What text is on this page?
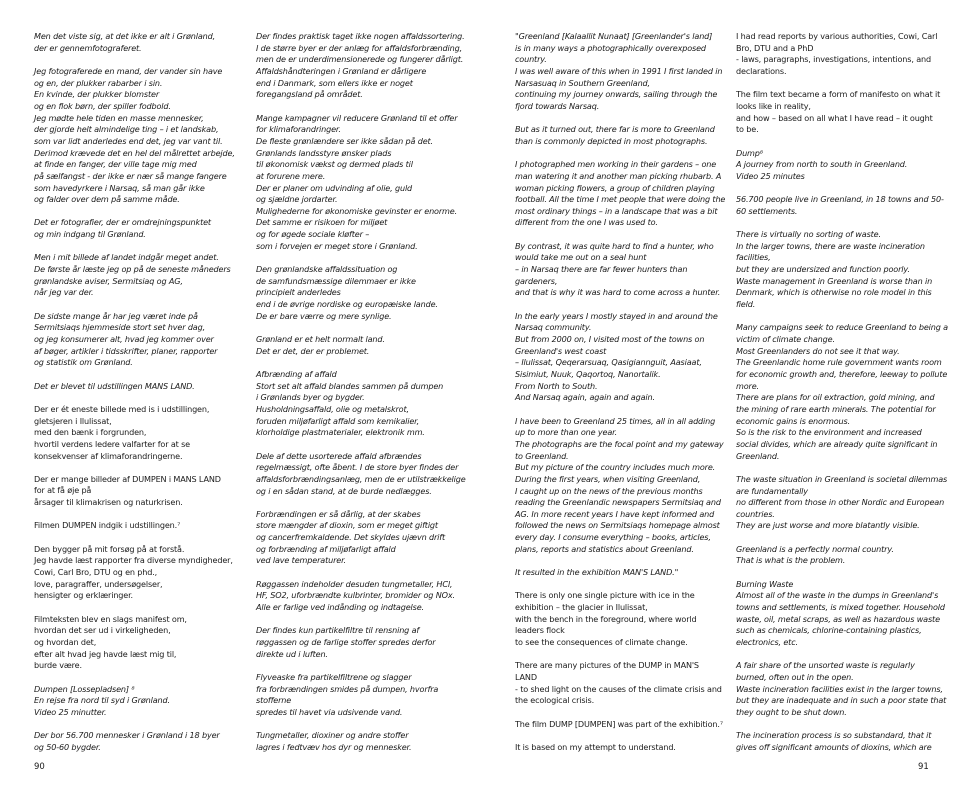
Men det viste sig, at det ikke er alt i Grønland,
der er gennemfotograferet.
Jeg fotograferede en mand, der vander sin have
og en, der plukker rabarber i sin.
En kvinde, der plukker blomster
og en flok børn, der spiller fodbold.
Jeg mødte hele tiden en masse mennesker,
der gjorde helt almindelige ting – i et landskab,
som var lidt anderledes end det, jeg var vant til.
Derimod krævede det en hel del målrettet arbejde,
at finde en fanger, der ville tage mig med
på sælfangst - der ikke er nær så mange fangere
som havedyrkere i Narsaq, så man går ikke
og falder over dem på samme måde.
Det er fotografier, der er omdrejningspunktet
og min indgang til Grønland.
Men i mit billede af landet indgår meget andet.
De første år læste jeg op på de seneste måneders
grønlandske aviser, Sermitsiaq og AG,
når jeg var der.
De sidste mange år har jeg været inde på
Sermitsiaqs hjemmeside stort set hver dag,
og jeg konsumerer alt, hvad jeg kommer over
af bøger, artikler i tidsskrifter, planer, rapporter
og statistik om Grønland.
Det er blevet til udstillingen MANS LAND.
Der er ét eneste billede med is i udstillingen,
gletsjeren i Ilulissat,
med den bænk i forgrunden,
hvortil verdens ledere valfarter for at se
konsekvenser af klimaforandringerne.
Der er mange billeder af DUMPEN i MANS LAND
for at få øje på
årsager til klimakrisen og naturkrisen.
Filmen DUMPEN indgik i udstillingen.⁷
Den bygger på mit forsøg på at forstå.
Jeg havde læst rapporter fra diverse myndigheder,
Cowi, Carl Bro, DTU og en phd.,
love, paragraffer, undersøgelser,
hensigter og erklæringer.
Filmteksten blev en slags manifest om,
hvordan det ser ud i virkeligheden,
og hvordan det,
efter alt hvad jeg havde læst mig til,
burde være.
Dumpen [Lossepladsen] ⁸
En rejse fra nord til syd i Grønland.
Video 25 minutter.
Der bor 56.700 mennesker i Grønland i 18 byer
og 50-60 bygder.
Der findes praktisk taget ikke nogen affaldssortering.
I de større byer er der anlæg for affaldsforbrænding,
men de er underdimensionerede og fungerer dårligt.
Affaldshåndteringen i Grønland er dårligere
end i Danmark, som ellers ikke er noget
foregangsland på området.
Mange kampagner vil reducere Grønland til et offer
for klimaforandringer.
De fleste grønlændere ser ikke sådan på det.
Grønlands landsstyre ønsker plads
til økonomisk vækst og dermed plads til
at forurene mere.
Der er planer om udvinding af olie, guld
og sjældne jordarter.
Mulighederne for økonomiske gevinster er enorme.
Det samme er risikoen for miljøet
og for øgede sociale kløfter –
som i forvejen er meget store i Grønland.
Den grønlandske affaldssituation og
de samfundsmæssige dilemmaer er ikke
principielt anderledes
end i de øvrige nordiske og europæiske lande.
De er bare værre og mere synlige.
Grønland er et helt normalt land.
Det er det, der er problemet.
Afbrænding af affald
Stort set alt affald blandes sammen på dumpen
i Grønlands byer og bygder.
Husholdningsaffald, olie og metalskrot,
foruden miljøfarligt affald som kemikalier,
klorholdige plastmaterialer, elektronik mm.
Dele af dette usorterede affald afbrændes
regelmæssigt, ofte åbent. I de store byer findes der
affaldsforbrændingsanlæg, men de er utilstrækkelige
og i en sådan stand, at de burde nedlægges.
Forbrændingen er så dårlig, at der skabes
store mængder af dioxin, som er meget giftigt
og cancerfremkaldende. Det skyldes ujævn drift
og forbrænding af miljøfarligt affald
ved lave temperaturer.
Røggassen indeholder desuden tungmetaller, HCl,
HF, SO2, uforbrændte kulbrinter, bromider og NOx.
Alle er farlige ved indånding og indtagelse.
Der findes kun partikelfiltre til rensning af
røggassen og de farlige stoffer spredes derfor
direkte ud i luften.
Flyveaske fra partikelfiltrene og slagger
fra forbrændingen smides på dumpen, hvorfra
stofferne
spredes til havet via udsivende vand.
Tungmetaller, dioxiner og andre stoffer
lagres i fedtvæv hos dyr og mennesker.
"Greenland [Kalaallit Nunaat] [Greenlander's land]
is in many ways a photographically overexposed
country.
I was well aware of this when in 1991 I first landed in
Narsasuaq in Southern Greenland,
continuing my journey onwards, sailing through the
fjord towards Narsaq.
But as it turned out, there far is more to Greenland
than is commonly depicted in most photographs.
I photographed men working in their gardens – one
man watering it and another man picking rhubarb. A
woman picking flowers, a group of children playing
football. All the time I met people that were doing the
most ordinary things – in a landscape that was a bit
different from the one I was used to.
By contrast, it was quite hard to find a hunter, who
would take me out on a seal hunt
– in Narsaq there are far fewer hunters than
gardeners,
and that is why it was hard to come across a hunter.
In the early years I mostly stayed in and around the
Narsaq community.
But from 2000 on, I visited most of the towns on
Greenland's west coast
– Ilulissat, Qeqerarsuaq, Qasigiannguit, Aasiaat,
Sisimiut, Nuuk, Qaqortoq, Nanortalik.
From North to South.
And Narsaq again, again and again.
I have been to Greenland 25 times, all in all adding
up to more than one year.
The photographs are the focal point and my gateway
to Greenland.
But my picture of the country includes much more.
During the first years, when visiting Greenland,
I caught up on the news of the previous months
reading the Greenlandic newspapers Sermitsiaq and
AG. In more recent years I have kept informed and
followed the news on Sermitsiaqs homepage almost
every day. I consume everything – books, articles,
plans, reports and statistics about Greenland.
It resulted in the exhibition MAN'S LAND."
There is only one single picture with ice in the
exhibition – the glacier in Ilulissat,
with the bench in the foreground, where world
leaders flock
to see the consequences of climate change.
There are many pictures of the DUMP in MAN'S
LAND
- to shed light on the causes of the climate crisis and
the ecological crisis.
The film DUMP [DUMPEN] was part of the exhibition.⁷
It is based on my attempt to understand.
I had read reports by various authorities, Cowi, Carl
Bro, DTU and a PhD
- laws, paragraphs, investigations, intentions, and
declarations.
The film text became a form of manifesto on what it
looks like in reality,
and how – based on all what I have read – it ought
to be.
Dump⁸
A journey from north to south in Greenland.
Video 25 minutes
56.700 people live in Greenland, in 18 towns and 50-
60 settlements.
There is virtually no sorting of waste.
In the larger towns, there are waste incineration
facilities,
but they are undersized and function poorly.
Waste management in Greenland is worse than in
Denmark, which is otherwise no role model in this
field.
Many campaigns seek to reduce Greenland to being a
victim of climate change.
Most Greenlanders do not see it that way.
The Greenlandic home rule government wants room
for economic growth and, therefore, leeway to pollute
more.
There are plans for oil extraction, gold mining, and
the mining of rare earth minerals. The potential for
economic gains is enormous.
So is the risk to the environment and increased
social divides, which are already quite significant in
Greenland.
The waste situation in Greenland is societal dilemmas
are fundamentally
no different from those in other Nordic and European
countries.
They are just worse and more blatantly visible.
Greenland is a perfectly normal country.
That is what is the problem.
Burning Waste
Almost all of the waste in the dumps in Greenland's
towns and settlements, is mixed together. Household
waste, oil, metal scraps, as well as hazardous waste
such as chemicals, chlorine-containing plastics,
electronics, etc.
A fair share of the unsorted waste is regularly
burned, often out in the open.
Waste incineration facilities exist in the larger towns,
but they are inadequate and in such a poor state that
they ought to be shut down.
The incineration process is so substandard, that it
gives off significant amounts of dioxins, which are
90	91
